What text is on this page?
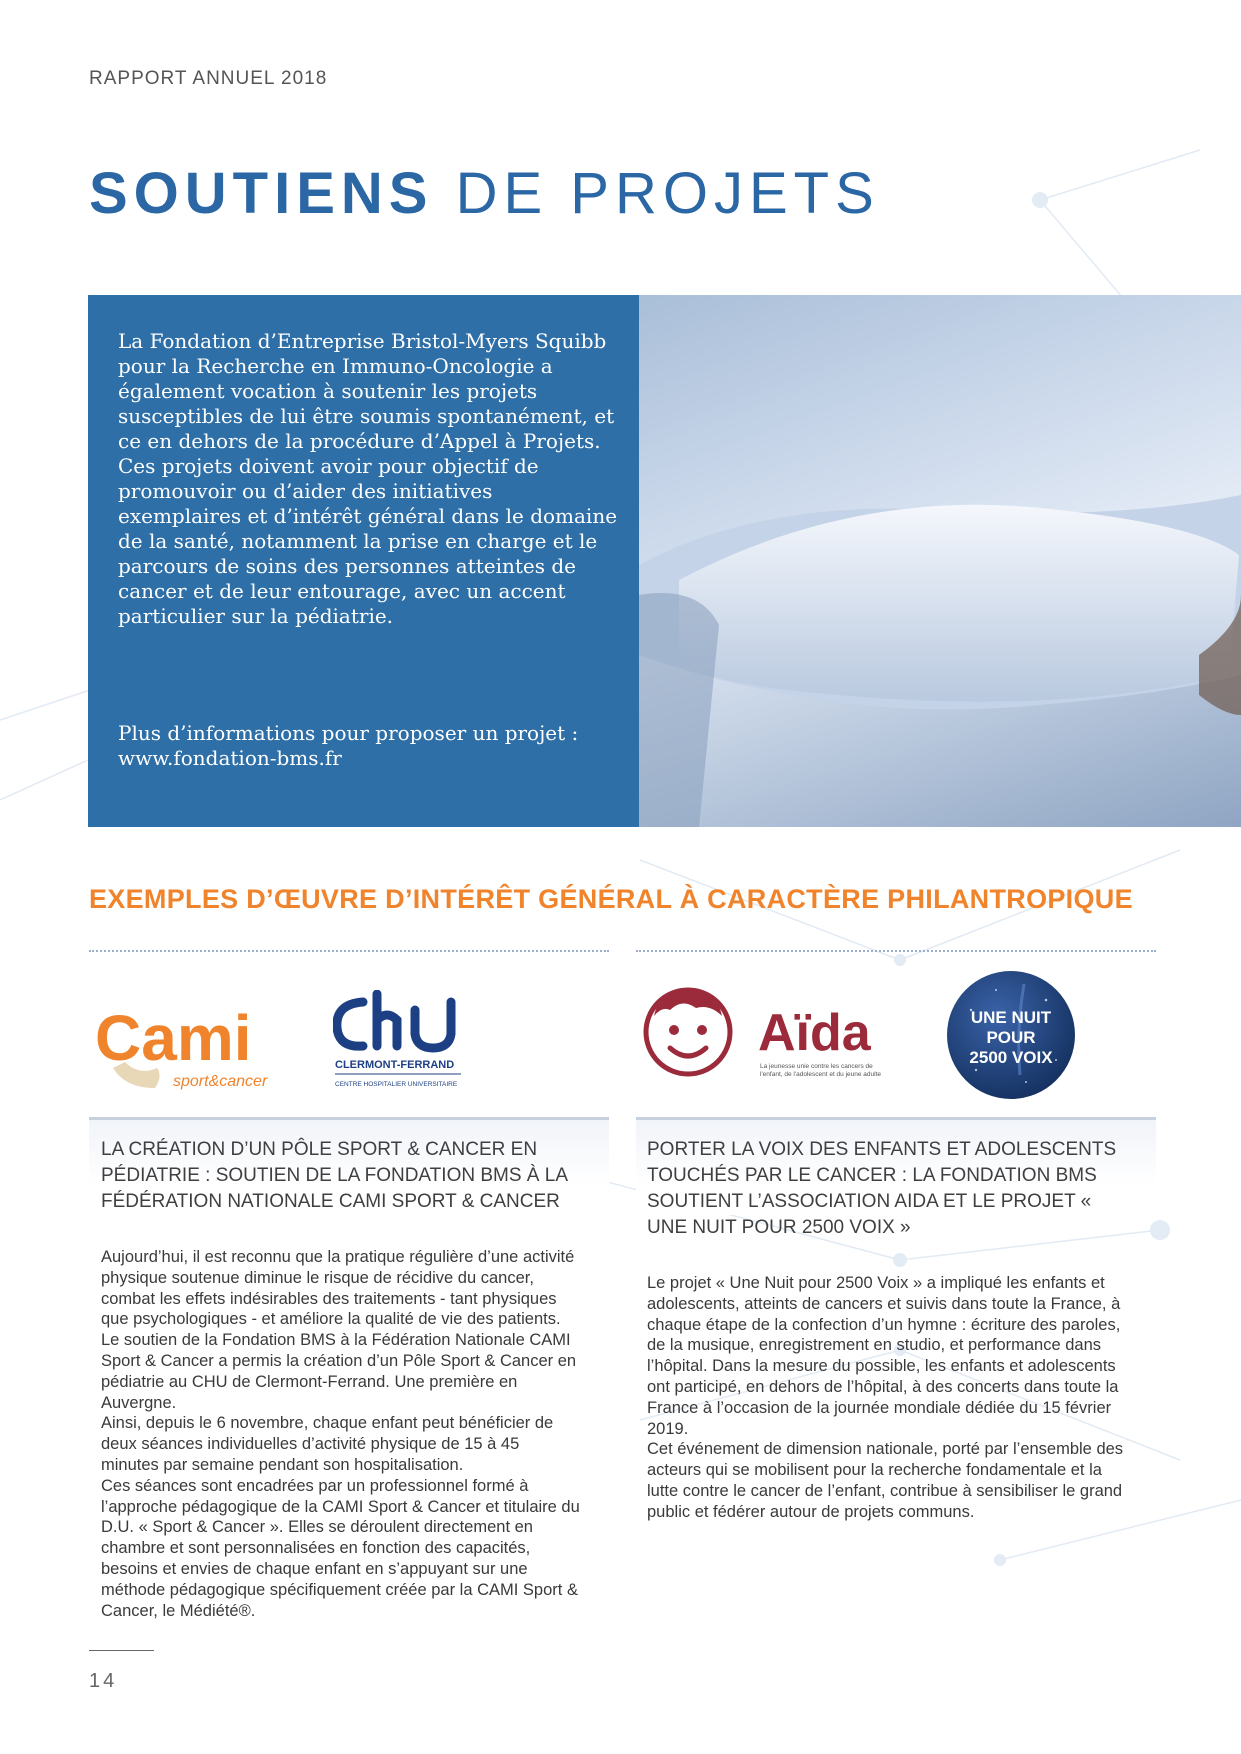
RAPPORT ANNUEL 2018
SOUTIENS DE PROJETS

La Fondation d’Entreprise Bristol-Myers Squibb pour la Recherche en Immuno-Oncologie a également vocation à soutenir les projets susceptibles de lui être soumis spontanément, et ce en dehors de la procédure d’Appel à Projets.

Ces projets doivent avoir pour objectif de promouvoir ou d’aider des initiatives exemplaires et d’intérêt général dans le domaine de la santé, notamment la prise en charge et le parcours de soins des personnes atteintes de cancer et de leur entourage, avec un accent particulier sur la pédiatrie.

Plus d’informations pour proposer un projet :

www.fondation-bms.fr

EXEMPLES D’ŒUVRE D’INTÉRÊT GÉNÉRAL À CARACTÈRE PHILANTROPIQUE
Cami
sport&cancer
CLERMONT-FERRAND
CENTRE HOSPITALIER UNIVERSITAIRE
Aïda
La jeunesse unie contre les cancers de
l'enfant, de l'adolescent et du jeune adulte
UNE NUIT
POUR
2500 VOIX
LA CRÉATION D’UN PÔLE SPORT & CANCER EN PÉDIATRIE : SOUTIEN DE LA FONDATION BMS À LA FÉDÉRATION NATIONALE CAMI SPORT & CANCER

Aujourd’hui, il est reconnu que la pratique régulière d’une activité physique soutenue diminue le risque de récidive du cancer, combat les effets indésirables des traitements - tant physiques que psychologiques - et améliore la qualité de vie des patients.

Le soutien de la Fondation BMS à la Fédération Nationale CAMI Sport & Cancer a permis la création d’un Pôle Sport & Cancer en pédiatrie au CHU de Clermont-Ferrand. Une première en Auvergne.

Ainsi, depuis le 6 novembre, chaque enfant peut bénéficier de deux séances individuelles d’activité physique de 15 à 45 minutes par semaine pendant son hospitalisation.

Ces séances sont encadrées par un professionnel formé à l’approche pédagogique de la CAMI Sport & Cancer et titulaire du D.U. « Sport & Cancer ». Elles se déroulent directement en chambre et sont personnalisées en fonction des capacités, besoins et envies de chaque enfant en s’appuyant sur une méthode pédagogique spécifiquement créée par la CAMI Sport & Cancer, le Médiété®.

PORTER LA VOIX DES ENFANTS ET ADOLESCENTS TOUCHÉS PAR LE CANCER : LA FONDATION BMS SOUTIENT L’ASSOCIATION AIDA ET LE PROJET « UNE NUIT POUR 2500 VOIX »

Le projet « Une Nuit pour 2500 Voix » a impliqué les enfants et adolescents, atteints de cancers et suivis dans toute la France, à chaque étape de la confection d’un hymne : écriture des paroles, de la musique, enregistrement en studio, et performance dans l’hôpital. Dans la mesure du possible, les enfants et adolescents ont participé, en dehors de l’hôpital, à des concerts dans toute la France à l’occasion de la journée mondiale dédiée du 15 février 2019.

Cet événement de dimension nationale, porté par l’ensemble des acteurs qui se mobilisent pour la recherche fondamentale et la lutte contre le cancer de l’enfant, contribue à sensibiliser le grand public et fédérer autour de projets communs.

14
